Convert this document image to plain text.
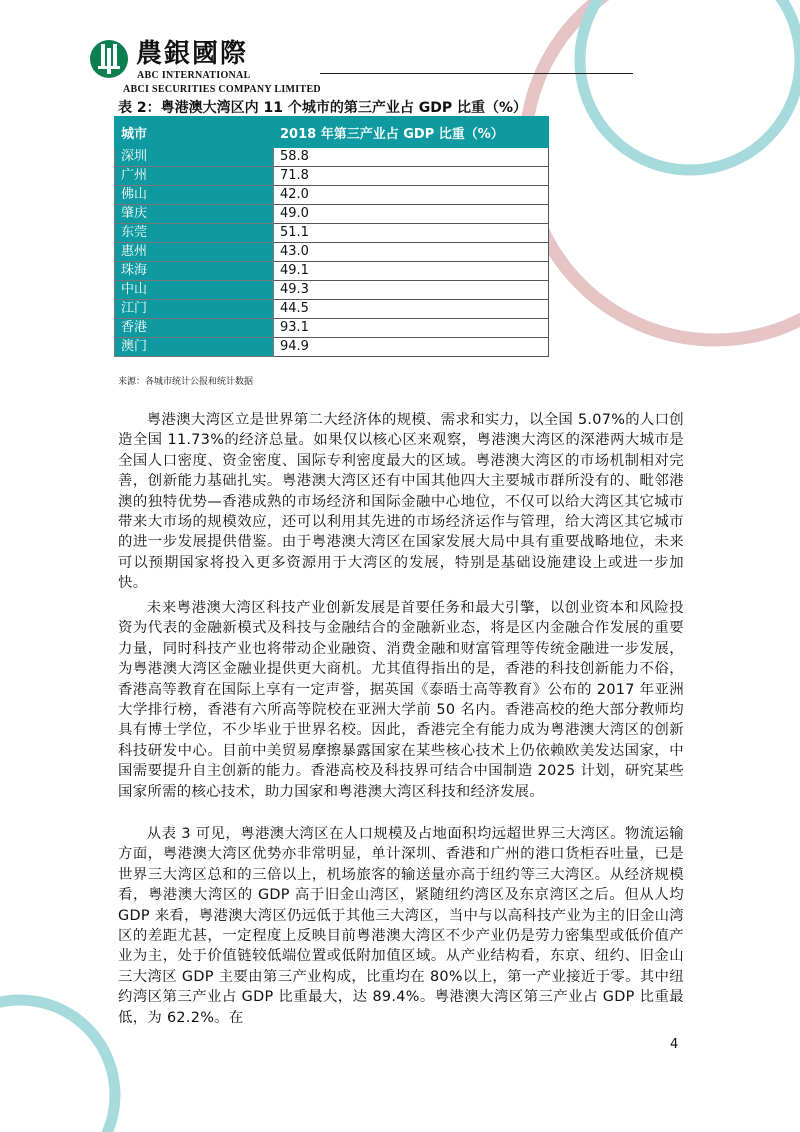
農銀國際
ABC INTERNATIONAL
ABCI SECURITIES COMPANY LIMITED
表 2：粤港澳大湾区内 11 个城市的第三产业占 GDP 比重（%）
城市	2018 年第三产业占 GDP 比重（%）
深圳	58.8
广州	71.8
佛山	42.0
肇庆	49.0
东莞	51.1
惠州	43.0
珠海	49.1
中山	49.3
江门	44.5
香港	93.1
澳门	94.9
来源：各城市统计公报和统计数据

粤港澳大湾区立是世界第二大经济体的规模、需求和实力，以全国 5.07%的人口创造全国 11.73%的经济总量。如果仅以核心区来观察，粤港澳大湾区的深港两大城市是全国人口密度、资金密度、国际专利密度最大的区域。粤港澳大湾区的市场机制相对完善，创新能力基础扎实。粤港澳大湾区还有中国其他四大主要城市群所没有的、毗邻港澳的独特优势—香港成熟的市场经济和国际金融中心地位，不仅可以给大湾区其它城市带来大市场的规模效应，还可以利用其先进的市场经济运作与管理，给大湾区其它城市的进一步发展提供借鉴。由于粤港澳大湾区在国家发展大局中具有重要战略地位，未来可以预期国家将投入更多资源用于大湾区的发展，特别是基础设施建设上或进一步加快。

未来粤港澳大湾区科技产业创新发展是首要任务和最大引擎，以创业资本和风险投资为代表的金融新模式及科技与金融结合的金融新业态，将是区内金融合作发展的重要力量，同时科技产业也将带动企业融资、消费金融和财富管理等传统金融进一步发展，为粤港澳大湾区金融业提供更大商机。尤其值得指出的是，香港的科技创新能力不俗，香港高等教育在国际上享有一定声誉，据英国《泰晤士高等教育》公布的 2017 年亚洲大学排行榜，香港有六所高等院校在亚洲大学前 50 名内。香港高校的绝大部分教师均具有博士学位，不少毕业于世界名校。因此，香港完全有能力成为粤港澳大湾区的创新科技研发中心。目前中美贸易摩擦暴露国家在某些核心技术上仍依赖欧美发达国家，中国需要提升自主创新的能力。香港高校及科技界可结合中国制造 2025 计划，研究某些国家所需的核心技术，助力国家和粤港澳大湾区科技和经济发展。

从表 3 可见，粤港澳大湾区在人口规模及占地面积均远超世界三大湾区。物流运输方面，粤港澳大湾区优势亦非常明显，单计深圳、香港和广州的港口货柜吞吐量，已是世界三大湾区总和的三倍以上，机场旅客的输送量亦高于纽约等三大湾区。从经济规模看，粤港澳大湾区的 GDP 高于旧金山湾区，紧随纽约湾区及东京湾区之后。但从人均 GDP 来看，粤港澳大湾区仍远低于其他三大湾区，当中与以高科技产业为主的旧金山湾区的差距尤甚，一定程度上反映目前粤港澳大湾区不少产业仍是劳力密集型或低价值产业为主，处于价值链较低端位置或低附加值区域。从产业结构看，东京、纽约、旧金山三大湾区 GDP 主要由第三产业构成，比重均在 80%以上，第一产业接近于零。其中纽约湾区第三产业占 GDP 比重最大，达 89.4%。粤港澳大湾区第三产业占 GDP 比重最低，为 62.2%。在

4
